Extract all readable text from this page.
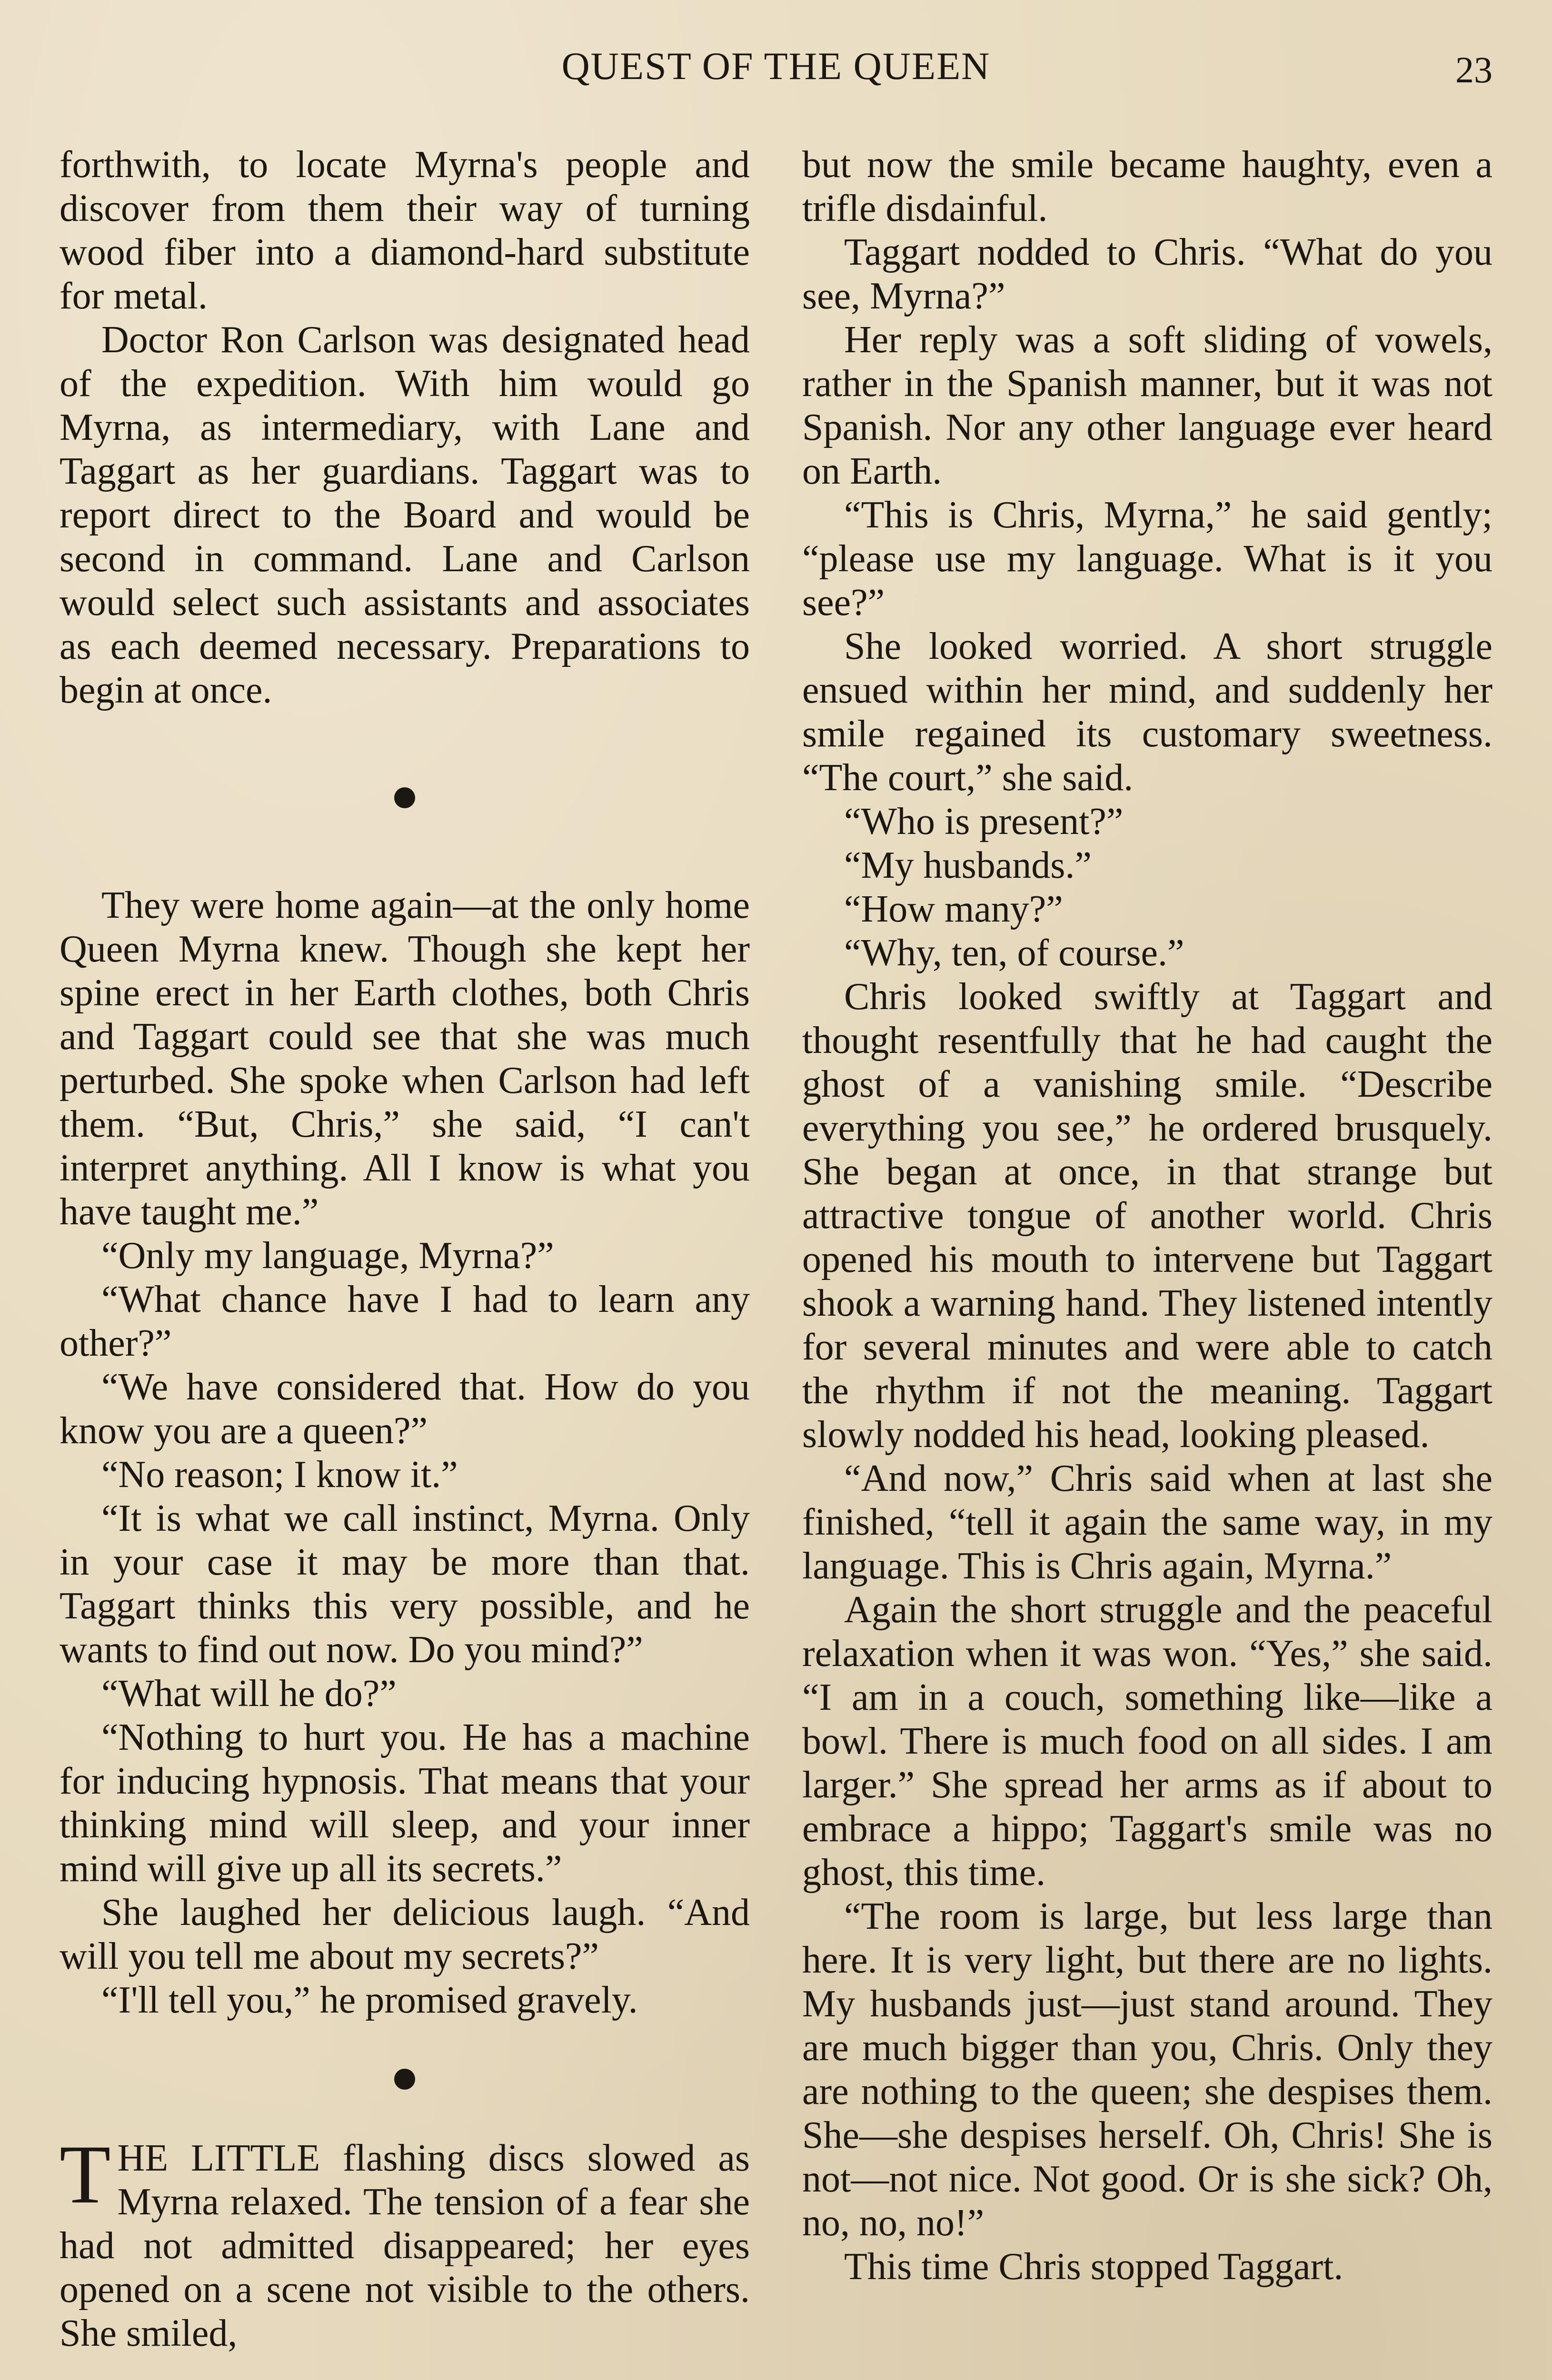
QUEST OF THE QUEEN	23

forthwith, to locate Myrna's people and discover from them their way of turning wood fiber into a diamond-hard substitute for metal.

Doctor Ron Carlson was designated head of the expedition. With him would go Myrna, as intermediary, with Lane and Taggart as her guardians. Taggart was to report direct to the Board and would be second in command. Lane and Carlson would select such assistants and associates as each deemed necessary. Preparations to begin at once.

They were home again—at the only home Queen Myrna knew. Though she kept her spine erect in her Earth clothes, both Chris and Taggart could see that she was much perturbed. She spoke when Carlson had left them. “But, Chris,” she said, “I can't interpret anything. All I know is what you have taught me.”

“Only my language, Myrna?”

“What chance have I had to learn any other?”

“We have considered that. How do you know you are a queen?”

“No reason; I know it.”

“It is what we call instinct, Myrna. Only in your case it may be more than that. Taggart thinks this very possible, and he wants to find out now. Do you mind?”

“What will he do?”

“Nothing to hurt you. He has a machine for inducing hypnosis. That means that your thinking mind will sleep, and your inner mind will give up all its secrets.”

She laughed her delicious laugh. “And will you tell me about my secrets?”

“I'll tell you,” he promised gravely.

THE LITTLE flashing discs slowed as Myrna relaxed. The tension of a fear she had not admitted disappeared; her eyes opened on a scene not visible to the others. She smiled,

but now the smile became haughty, even a trifle disdainful.

Taggart nodded to Chris. “What do you see, Myrna?”

Her reply was a soft sliding of vowels, rather in the Spanish manner, but it was not Spanish. Nor any other language ever heard on Earth.

“This is Chris, Myrna,” he said gently; “please use my language. What is it you see?”

She looked worried. A short struggle ensued within her mind, and suddenly her smile regained its customary sweetness. “The court,” she said.

“Who is present?”

“My husbands.”

“How many?”

“Why, ten, of course.”

Chris looked swiftly at Taggart and thought resentfully that he had caught the ghost of a vanishing smile. “Describe everything you see,” he ordered brusquely. She began at once, in that strange but attractive tongue of another world. Chris opened his mouth to intervene but Taggart shook a warning hand. They listened intently for several minutes and were able to catch the rhythm if not the meaning. Taggart slowly nodded his head, looking pleased.

“And now,” Chris said when at last she finished, “tell it again the same way, in my language. This is Chris again, Myrna.”

Again the short struggle and the peaceful relaxation when it was won. “Yes,” she said. “I am in a couch, something like—like a bowl. There is much food on all sides. I am larger.” She spread her arms as if about to embrace a hippo; Taggart's smile was no ghost, this time.

“The room is large, but less large than here. It is very light, but there are no lights. My husbands just—just stand around. They are much bigger than you, Chris. Only they are nothing to the queen; she despises them. She—she despises herself. Oh, Chris! She is not—not nice. Not good. Or is she sick? Oh, no, no, no!”

This time Chris stopped Taggart.
